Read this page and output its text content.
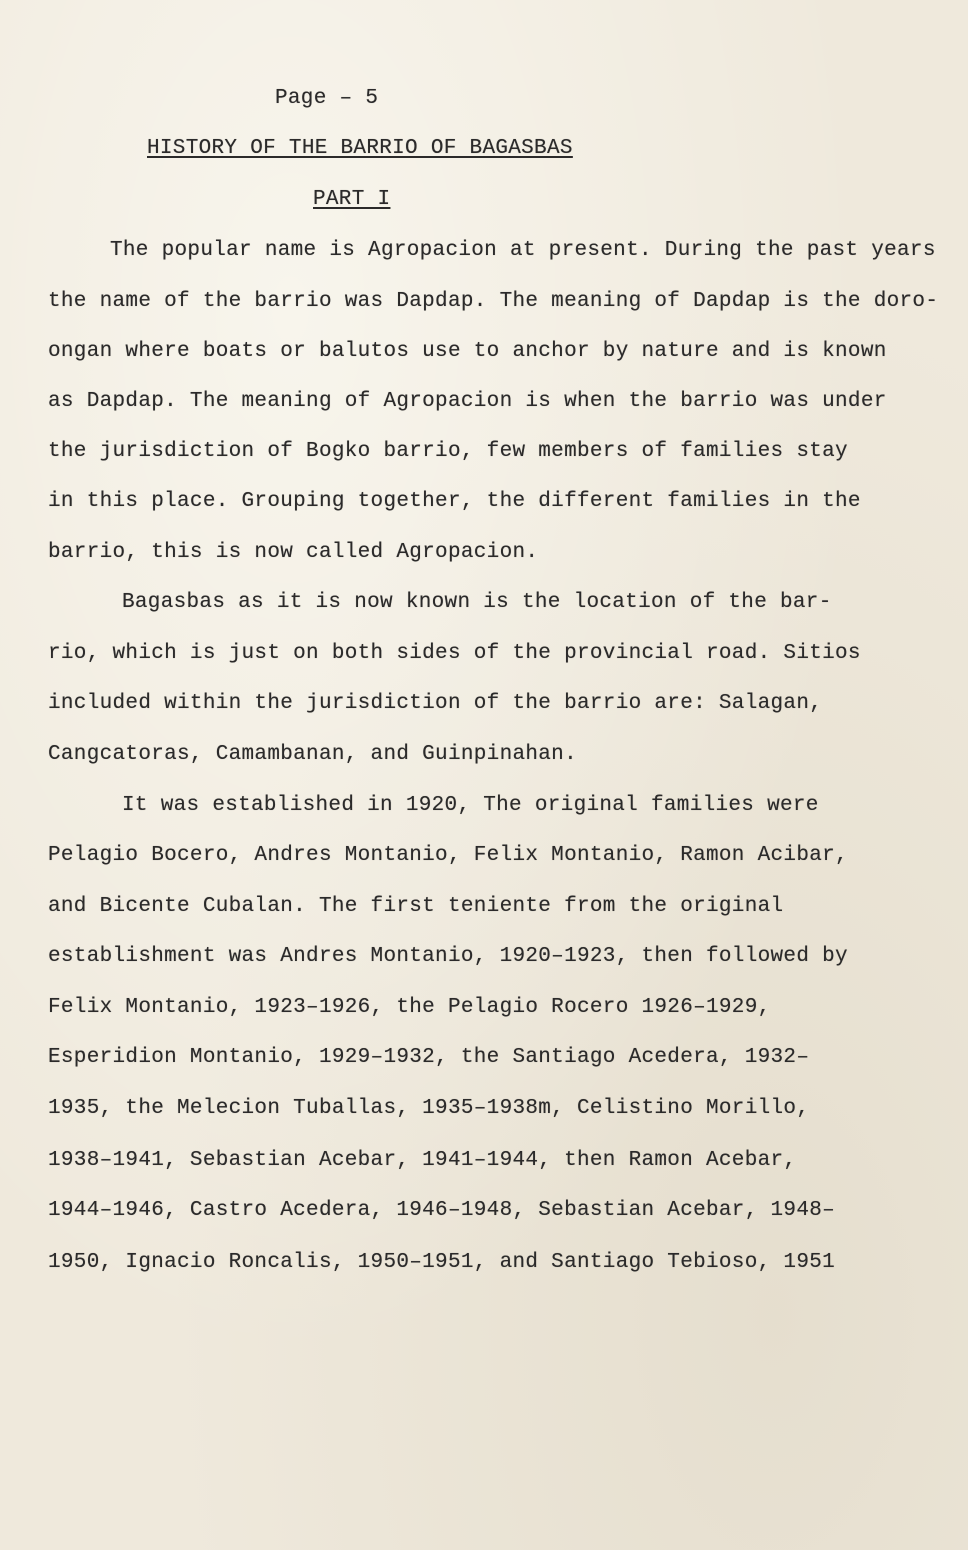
Page – 5
HISTORY OF THE BARRIO OF BAGASBAS
PART I
The popular name is Agropacion at present. During the past years
the name of the barrio was Dapdap. The meaning of Dapdap is the doro-
ongan where boats or balutos use to anchor by nature and is known
as Dapdap. The meaning of Agropacion is when the barrio was under
the jurisdiction of Bogko barrio, few members of families stay
in this place. Grouping together, the different families in the
barrio, this is now called Agropacion.
Bagasbas as it is now known is the location of the bar-
rio, which is just on both sides of the provincial road. Sitios
included within the jurisdiction of the barrio are: Salagan,
Cangcatoras, Camambanan, and Guinpinahan.
It was established in 1920, The original families were
Pelagio Bocero, Andres Montanio, Felix Montanio, Ramon Acibar,
and Bicente Cubalan. The first teniente from the original
establishment was Andres Montanio, 1920–1923, then followed by
Felix Montanio, 1923–1926, the Pelagio Rocero 1926–1929,
Esperidion Montanio, 1929–1932, the Santiago Acedera, 1932–
1935, the Melecion Tuballas, 1935–1938m, Celistino Morillo,
1938–1941, Sebastian Acebar, 1941–1944, then Ramon Acebar,
1944–1946, Castro Acedera, 1946–1948, Sebastian Acebar, 1948–
1950, Ignacio Roncalis, 1950–1951, and Santiago Tebioso, 1951
